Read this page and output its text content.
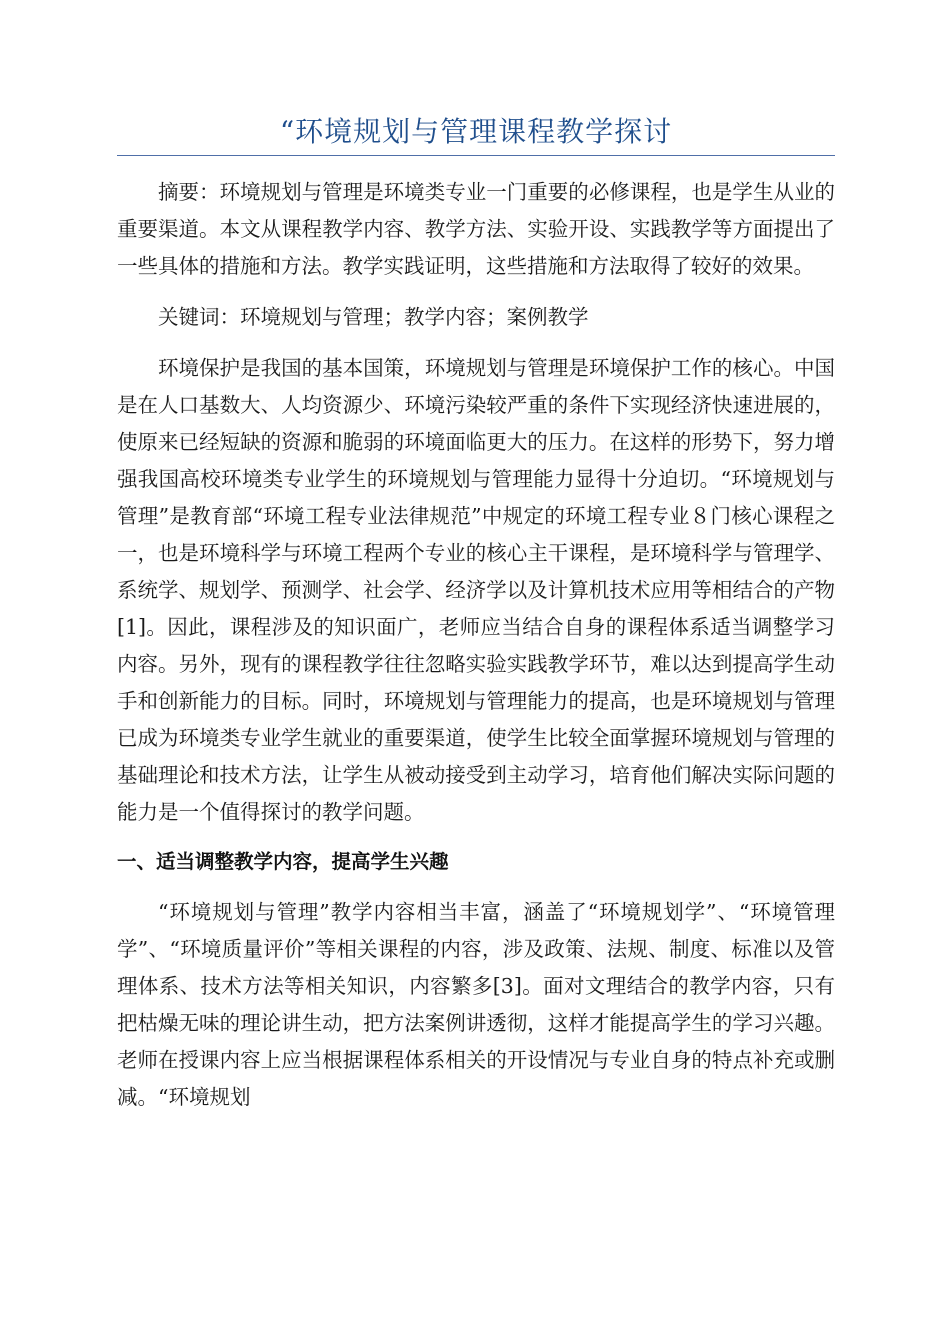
“环境规划与管理课程教学探讨

摘要：环境规划与管理是环境类专业一门重要的必修课程，也是学生从业的重要渠道。本文从课程教学内容、教学方法、实验开设、实践教学等方面提出了一些具体的措施和方法。教学实践证明，这些措施和方法取得了较好的效果。

关键词：环境规划与管理；教学内容；案例教学

环境保护是我国的基本国策，环境规划与管理是环境保护工作的核心。中国是在人口基数大、人均资源少、环境污染较严重的条件下实现经济快速进展的，使原来已经短缺的资源和脆弱的环境面临更大的压力。在这样的形势下，努力增强我国高校环境类专业学生的环境规划与管理能力显得十分迫切。“环境规划与管理”是教育部“环境工程专业法律规范”中规定的环境工程专业８门核心课程之一，也是环境科学与环境工程两个专业的核心主干课程，是环境科学与管理学、系统学、规划学、预测学、社会学、经济学以及计算机技术应用等相结合的产物[1]。因此，课程涉及的知识面广，老师应当结合自身的课程体系适当调整学习内容。另外，现有的课程教学往往忽略实验实践教学环节，难以达到提高学生动手和创新能力的目标。同时，环境规划与管理能力的提高，也是环境规划与管理已成为环境类专业学生就业的重要渠道，使学生比较全面掌握环境规划与管理的基础理论和技术方法，让学生从被动接受到主动学习，培育他们解决实际问题的能力是一个值得探讨的教学问题。

一、适当调整教学内容，提高学生兴趣

“环境规划与管理”教学内容相当丰富，涵盖了“环境规划学”、“环境管理学”、“环境质量评价”等相关课程的内容，涉及政策、法规、制度、标准以及管理体系、技术方法等相关知识，内容繁多[3]。面对文理结合的教学内容，只有把枯燥无味的理论讲生动，把方法案例讲透彻，这样才能提高学生的学习兴趣。老师在授课内容上应当根据课程体系相关的开设情况与专业自身的特点补充或删减。“环境规划
